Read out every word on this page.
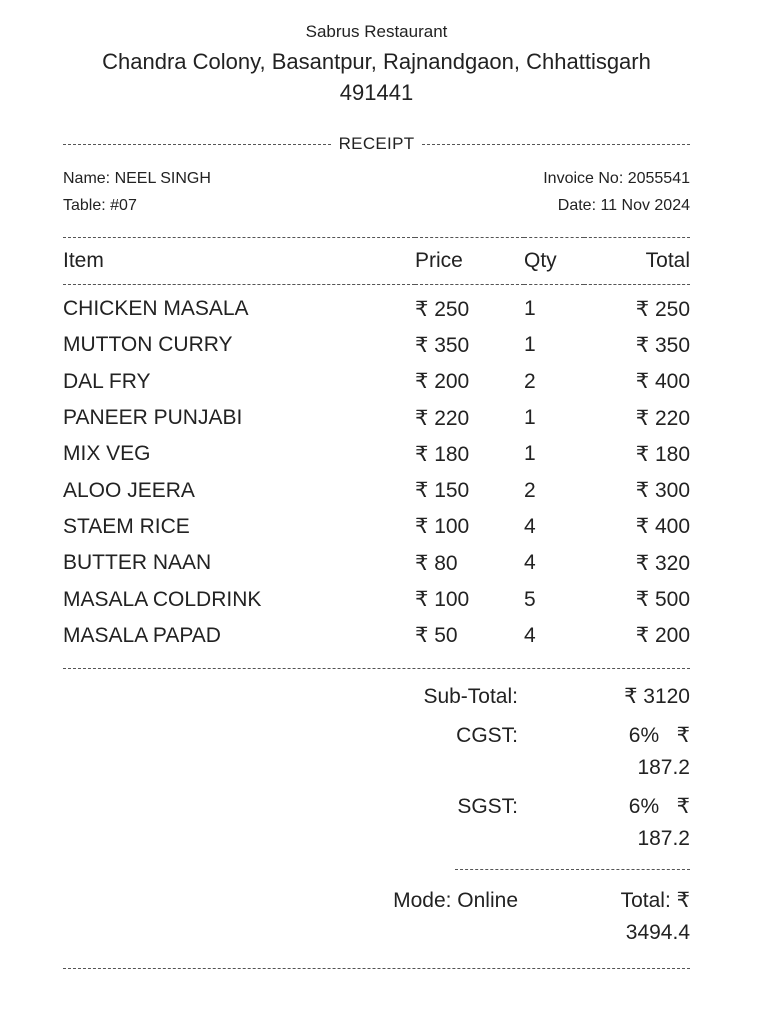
Sabrus Restaurant

Chandra Colony, Basantpur, Rajnandgaon, Chhattisgarh 491441

RECEIPT
Name: NEEL SINGH	Invoice No: 2055541
Table: #07	Date: 11 Nov 2024
Item	Price	Qty	Total
CHICKEN MASALA	₹ 250	1	₹ 250
MUTTON CURRY	₹ 350	1	₹ 350
DAL FRY	₹ 200	2	₹ 400
PANEER PUNJABI	₹ 220	1	₹ 220
MIX VEG	₹ 180	1	₹ 180
ALOO JEERA	₹ 150	2	₹ 300
STAEM RICE	₹ 100	4	₹ 400
BUTTER NAAN	₹ 80	4	₹ 320
MASALA COLDRINK	₹ 100	5	₹ 500
MASALA PAPAD	₹ 50	4	₹ 200
Sub-Total:	₹ 3120
CGST:	6%   ₹
187.2
SGST:	6%   ₹
187.2
Mode: Online	Total: ₹
3494.4
